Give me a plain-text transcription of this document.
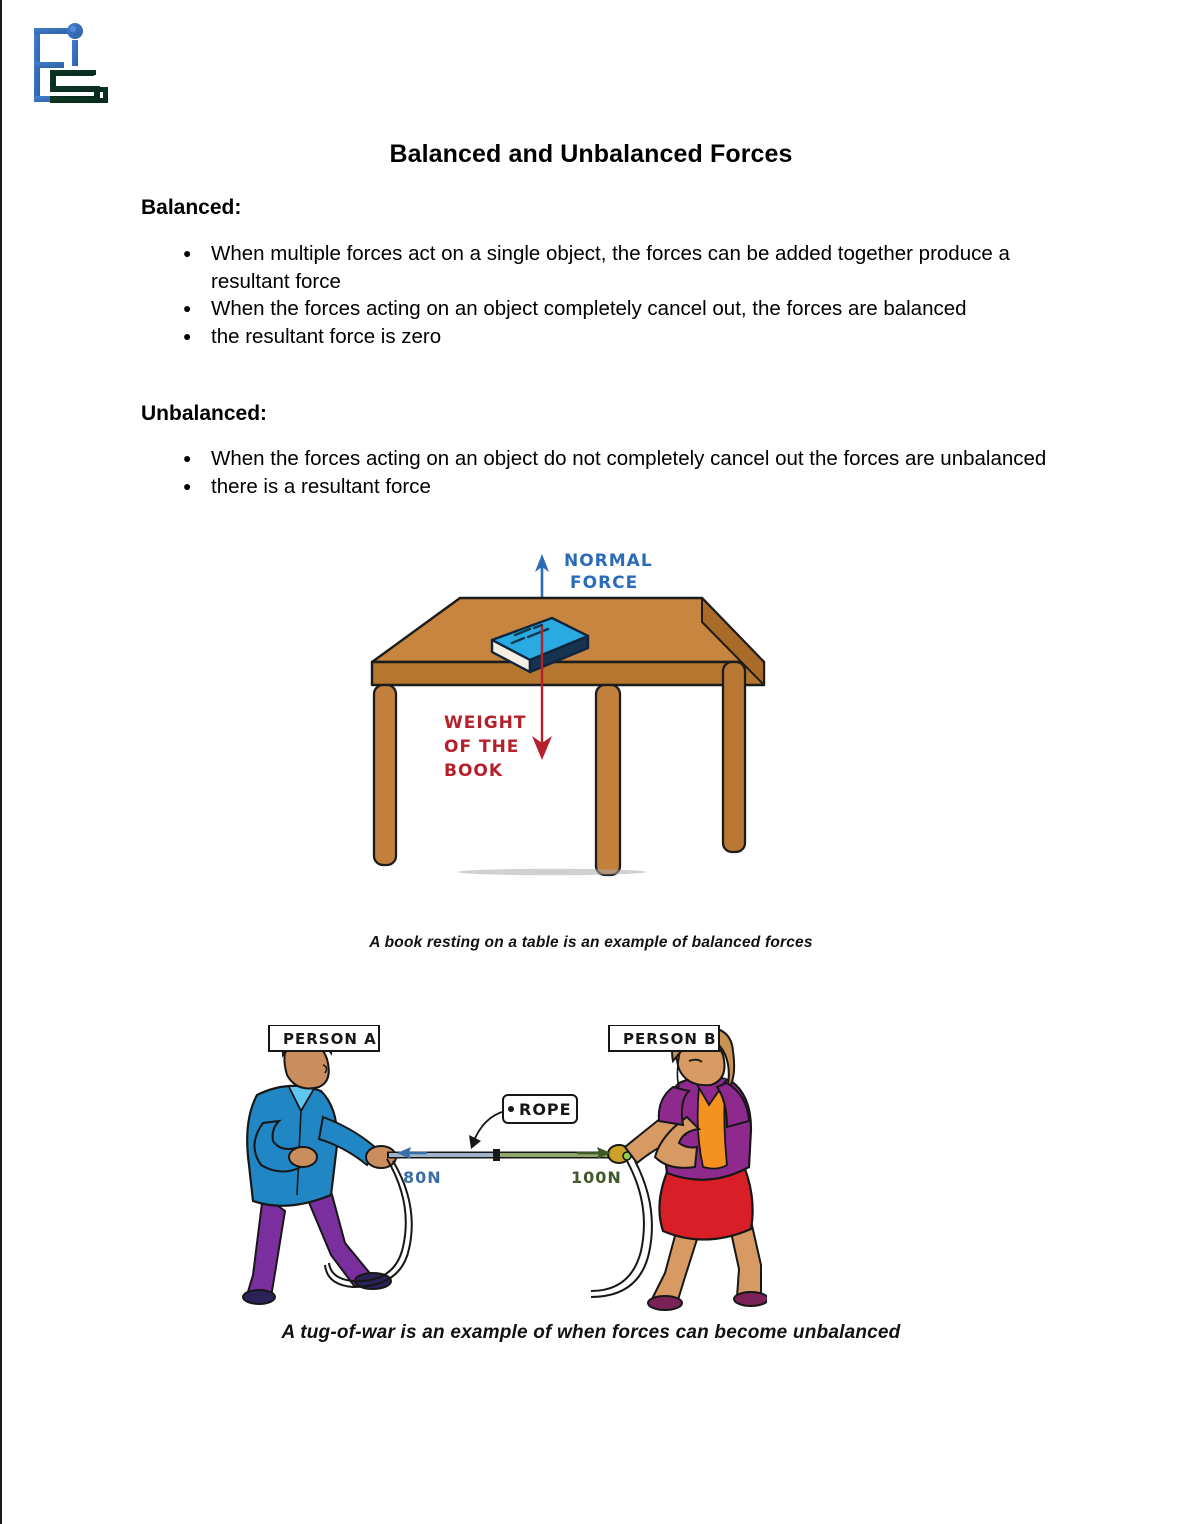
Balanced and Unbalanced Forces
Balanced:
● When multiple forces act on a single object, the forces can be added together produce a resultant force
● When the forces acting on an object completely cancel out, the forces are balanced
● the resultant force is zero
Unbalanced:
● When the forces acting on an object do not completely cancel out the forces are unbalanced
● there is a resultant force
NORMAL
FORCE
WEIGHT
OF THE
BOOK
A book resting on a table is an example of balanced forces
80N	100N
ROPE
PERSON A	PERSON B
A tug-of-war is an example of when forces can become unbalanced
